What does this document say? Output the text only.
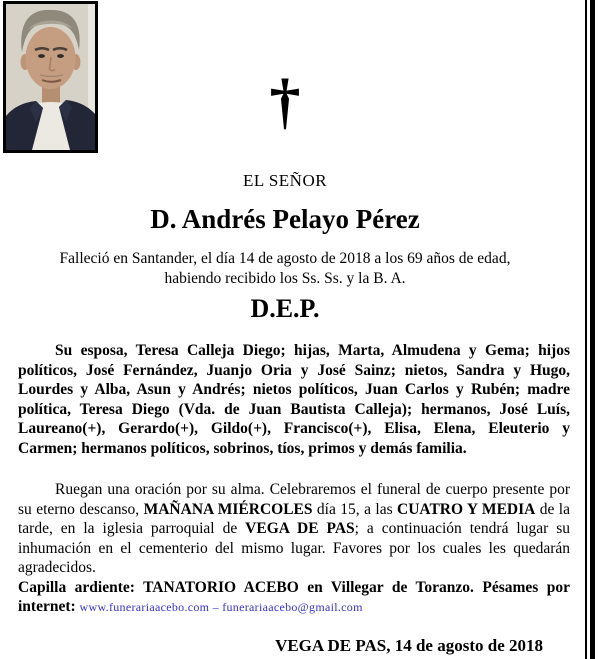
†
EL SEÑOR
D. Andrés Pelayo Pérez
Falleció en Santander, el día 14 de agosto de 2018 a los 69 años de edad,
habiendo recibido los Ss. Ss. y la B. A.
D.E.P.

Su esposa, Teresa Calleja Diego; hijas, Marta, Almudena y Gema; hijos políticos, José Fernández, Juanjo Oria y José Sainz; nietos, Sandra y Hugo, Lourdes y Alba, Asun y Andrés; nietos políticos, Juan Carlos y Rubén; madre política, Teresa Diego (Vda. de Juan Bautista Calleja); hermanos, José Luís, Laureano(+), Gerardo(+), Gildo(+), Francisco(+), Elisa, Elena, Eleuterio y Carmen; hermanos políticos, sobrinos, tíos, primos y demás familia.

Ruegan una oración por su alma. Celebraremos el funeral de cuerpo presente por su eterno descanso, MAÑANA MIÉRCOLES día 15, a las CUATRO Y MEDIA de la tarde, en la iglesia parroquial de VEGA DE PAS; a continuación tendrá lugar su inhumación en el cementerio del mismo lugar. Favores por los cuales les quedarán agradecidos.

Capilla ardiente: TANATORIO ACEBO en Villegar de Toranzo. Pésames por internet: www.funerariaacebo.com – funerariaacebo@gmail.com

VEGA DE PAS, 14 de agosto de 2018
